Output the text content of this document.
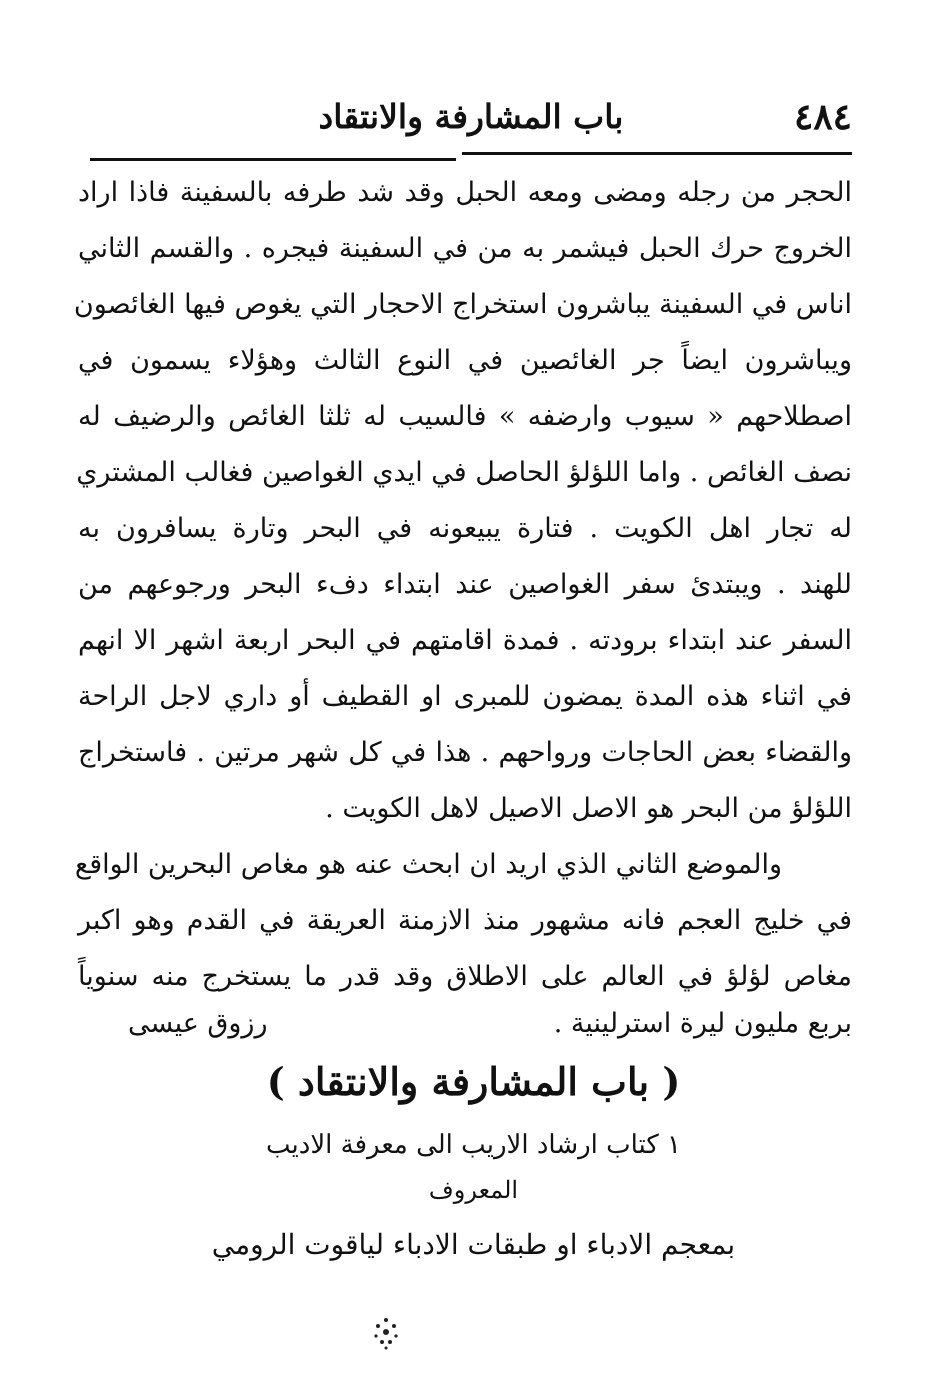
٤٨٤
باب المشارفة والانتقاد
الحجر من رجله ومضى ومعه الحبل وقد شد طرفه بالسفينة فاذا اراد
الخروج حرك الحبل فيشمر به من في السفينة فيجره . والقسم الثاني
اناس في السفينة يباشرون استخراج الاحجار التي يغوص فيها الغائصون
ويباشرون ايضاً جر الغائصين في النوع الثالث وهؤلاء يسمون في
اصطلاحهم « سيوب وارضفه » فالسيب له ثلثا الغائص والرضيف له
نصف الغائص . واما اللؤلؤ الحاصل في ايدي الغواصين فغالب المشتري
له تجار اهل الكويت . فتارة يبيعونه في البحر وتارة يسافرون به
للهند . ويبتدئ سفر الغواصين عند ابتداء دفء البحر ورجوعهم من
السفر عند ابتداء برودته . فمدة اقامتهم في البحر اربعة اشهر الا انهم
في اثناء هذه المدة يمضون للمبرى او القطيف أو داري لاجل الراحة
والقضاء بعض الحاجات ورواحهم . هذا في كل شهر مرتين . فاستخراج
اللؤلؤ من البحر هو الاصل الاصيل لاهل الكويت .
والموضع الثاني الذي اريد ان ابحث عنه هو مغاص البحرين الواقع
في خليج العجم فانه مشهور منذ الازمنة العريقة في القدم وهو اكبر
مغاص لؤلؤ في العالم على الاطلاق وقد قدر ما يستخرج منه سنوياً
بربع مليون ليرة استرلينية .
رزوق عيسى
( باب المشارفة والانتقاد )
١ كتاب ارشاد الاريب الى معرفة الاديب
المعروف
بمعجم الادباء او طبقات الادباء لياقوت الرومي
